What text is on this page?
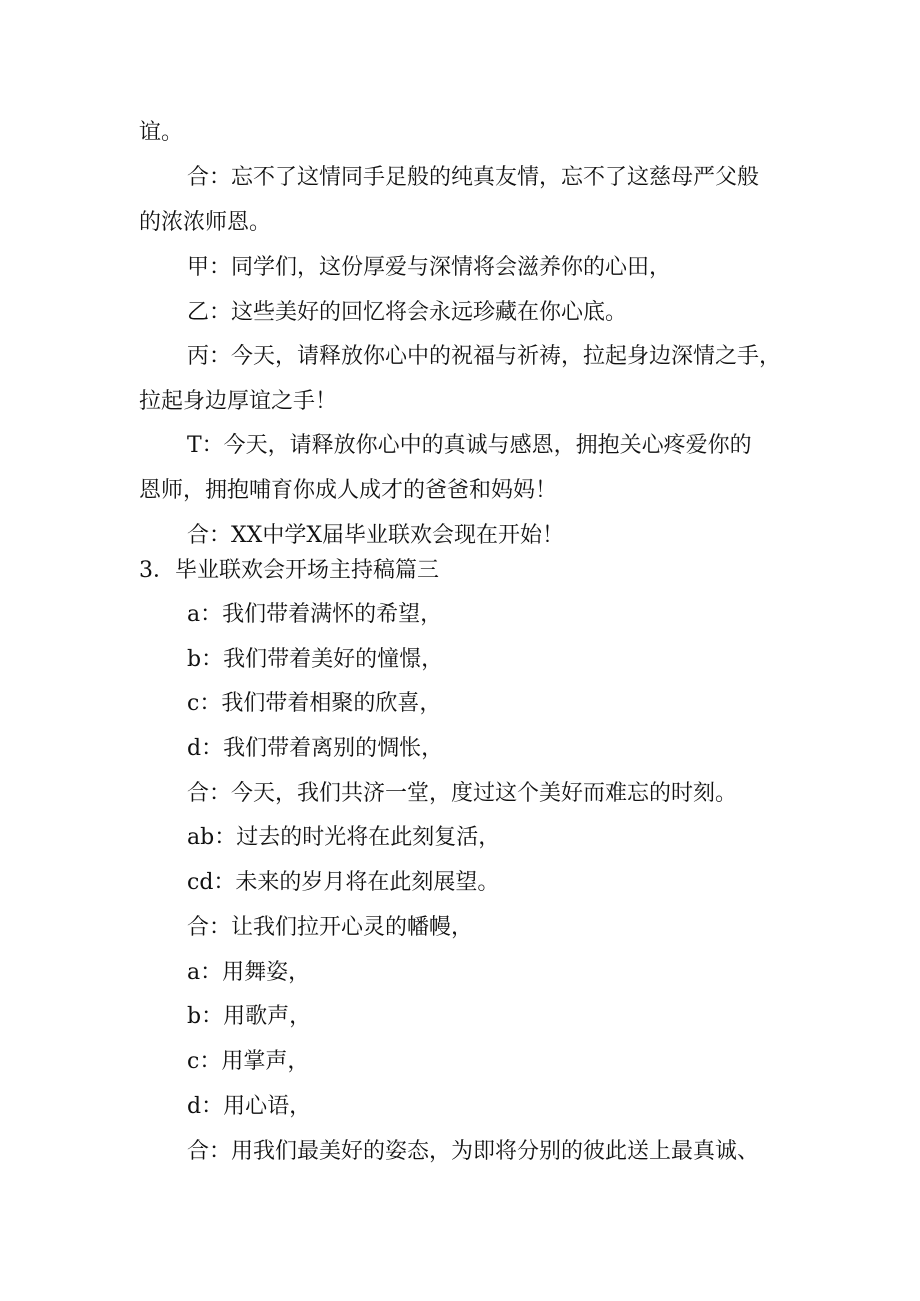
谊。
合：忘不了这情同手足般的纯真友情，忘不了这慈母严父般
的浓浓师恩。
甲：同学们，这份厚爱与深情将会滋养你的心田，
乙：这些美好的回忆将会永远珍藏在你心底。
丙：今天，请释放你心中的祝福与祈祷，拉起身边深情之手，
拉起身边厚谊之手！
T：今天，请释放你心中的真诚与感恩，拥抱关心疼爱你的
恩师，拥抱哺育你成人成才的爸爸和妈妈！
合：XX中学X届毕业联欢会现在开始！
3．毕业联欢会开场主持稿篇三
a：我们带着满怀的希望，
b：我们带着美好的憧憬，
c：我们带着相聚的欣喜，
d：我们带着离别的惆怅，
合：今天，我们共济一堂，度过这个美好而难忘的时刻。
ab：过去的时光将在此刻复活，
cd：未来的岁月将在此刻展望。
合：让我们拉开心灵的幡幔，
a：用舞姿，
b：用歌声，
c：用掌声，
d：用心语，
合：用我们最美好的姿态，为即将分别的彼此送上最真诚、
